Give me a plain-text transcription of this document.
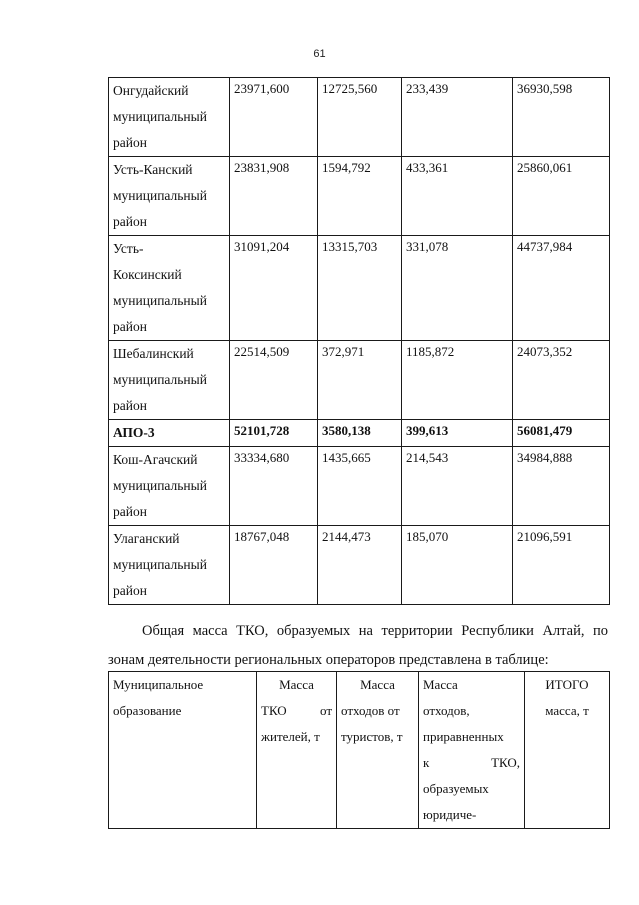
61
Онгудайский
муниципальный
район	23971,600	12725,560	233,439	36930,598

Усть-Канский
муниципальный
район	23831,908	1594,792	433,361	25860,061

Усть-
Коксинский
муниципальный
район	31091,204	13315,703	331,078	44737,984

Шебалинский
муниципальный
район	22514,509	372,971	1185,872	24073,352

АПО-3	52101,728	3580,138	399,613	56081,479

Кош-Агачский
муниципальный
район	33334,680	1435,665	214,543	34984,888

Улаганский
муниципальный
район	18767,048	2144,473	185,070	21096,591
Общая масса ТКО, образуемых на территории Республики Алтай, по
зонам деятельности региональных операторов представлена в таблице:
Муниципальное
образование

Масса
ТКО от
жителей, т

Масса
отходов от
туристов, т

Масса
отходов,
приравненных
к ТКО,
образуемых
юридиче-

ИТОГО
масса, т
